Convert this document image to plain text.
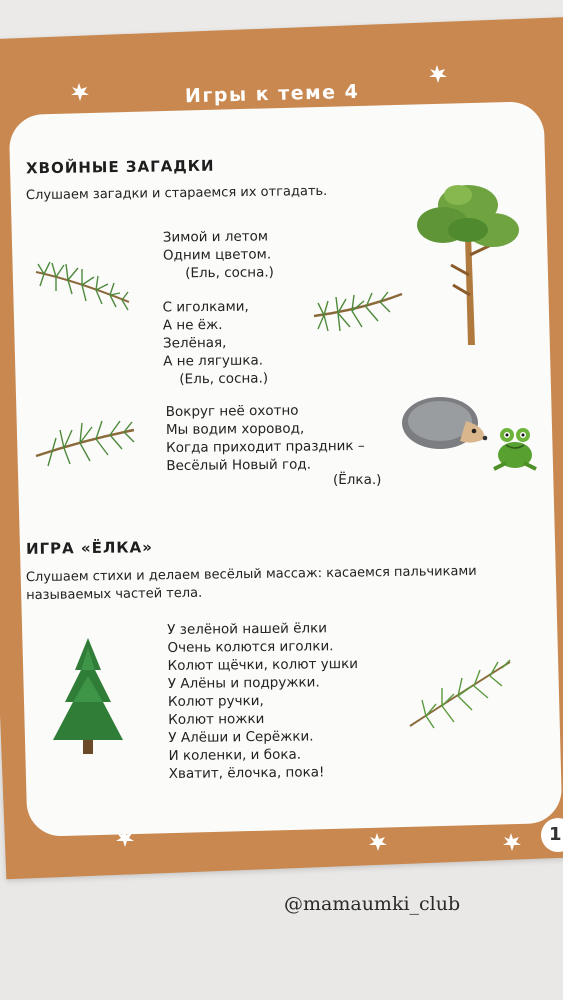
Игры к теме 4
ХВОЙНЫЕ ЗАГАДКИ
Слушаем загадки и стараемся их отгадать.
Зимой и летом
Одним цветом.
(Ель, сосна.)
С иголками,
А не ёж.
Зелёная,
А не лягушка.
(Ель, сосна.)
Вокруг неё охотно
Мы водим хоровод,
Когда приходит праздник –
Весёлый Новый год.
(Ёлка.)
ИГРА «ЁЛКА»
Слушаем стихи и делаем весёлый массаж: касаемся пальчиками
называемых частей тела.
У зелёной нашей ёлки
Очень колются иголки.
Колют щёчки, колют ушки
У Алёны и подружки.
Колют ручки,
Колют ножки
У Алёши и Серёжки.
И коленки, и бока.
Хватит, ёлочка, пока!
1
@mamaumki_club
